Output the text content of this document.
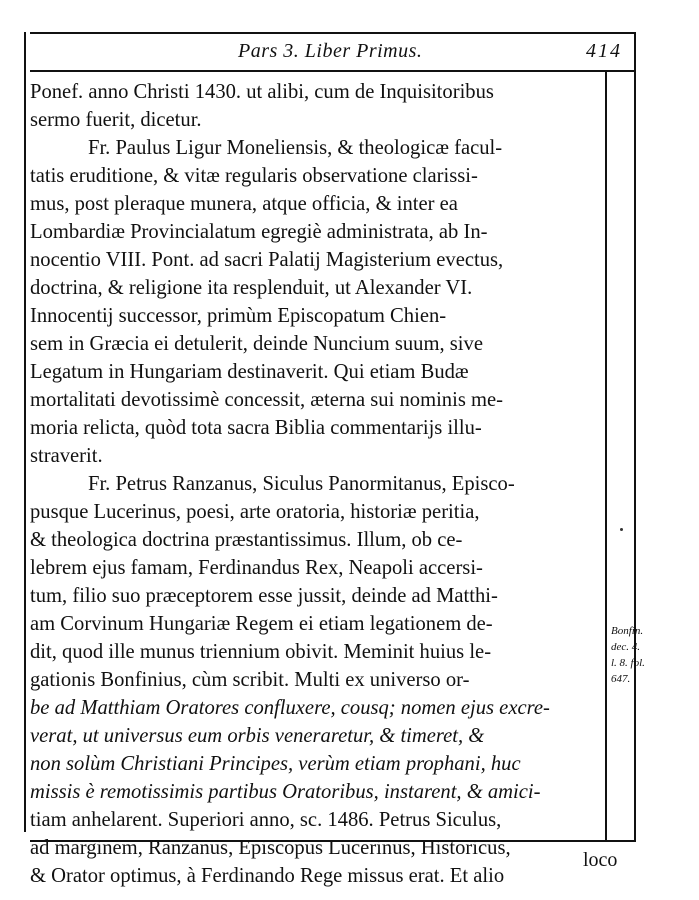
Pars 3. Liber Primus.	414
Ponef. anno Christi 1430. ut alibi, cum de Inquisitoribus
sermo fuerit, dicetur.
Fr. Paulus Ligur Moneliensis, & theologicæ facul-
tatis eruditione, & vitæ regularis observatione clarissi-
mus, post pleraque munera, atque officia, & inter ea
Lombardiæ Provincialatum egregiè administrata, ab In-
nocentio VIII. Pont. ad sacri Palatij Magisterium evectus,
doctrina, & religione ita resplenduit, ut Alexander VI.
Innocentij successor, primùm Episcopatum Chien-
sem in Græcia ei detulerit, deinde Nuncium suum, sive
Legatum in Hungariam destinaverit. Qui etiam Budæ
mortalitati devotissimè concessit, æterna sui nominis me-
moria relicta, quòd tota sacra Biblia commentarijs illu-
straverit.
Fr. Petrus Ranzanus, Siculus Panormitanus, Episco-
pusque Lucerinus, poesi, arte oratoria, historiæ peritia,
& theologica doctrina præstantissimus. Illum, ob ce-
lebrem ejus famam, Ferdinandus Rex, Neapoli accersi-
tum, filio suo præceptorem esse jussit, deinde ad Matthi-
am Corvinum Hungariæ Regem ei etiam legationem de-
dit, quod ille munus triennium obivit. Meminit huius le-
gationis Bonfinius, cùm scribit. Multi ex universo or-
be ad Matthiam Oratores confluxere, cousq; nomen ejus excre-
verat, ut universus eum orbis veneraretur, & timeret, &
non solùm Christiani Principes, verùm etiam prophani, huc
missis è remotissimis partibus Oratoribus, instarent, & amici-
tiam anhelarent. Superiori anno, sc. 1486. Petrus Siculus,
ad marginem, Ranzanus, Episcopus Lucerinus, Historicus,
& Orator optimus, à Ferdinando Rege missus erat. Et alio
Bonfin.
dec. 4.
l. 8. fol.
647.
loco
